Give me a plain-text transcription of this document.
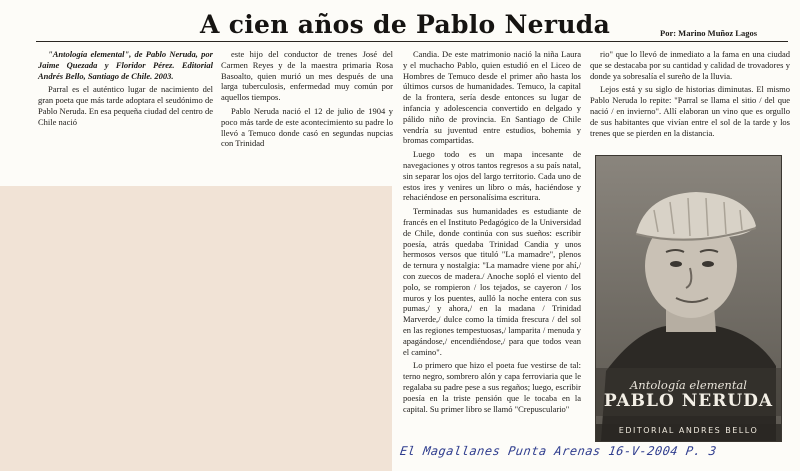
A cien años de Pablo Neruda	Por: Marino Muñoz Lagos

"Antología elemental", de Pablo Neruda, por Jaime Quezada y Floridor Pérez. Editorial Andrés Bello, Santiago de Chile. 2003.

Parral es el auténtico lugar de nacimiento del gran poeta que más tarde adoptara el seudónimo de Pablo Neruda. En esa pequeña ciudad del centro de Chile nació

este hijo del conductor de trenes José del Carmen Reyes y de la maestra primaria Rosa Basoalto, quien murió un mes después de una larga tuberculosis, enfermedad muy común por aquellos tiempos.

Pablo Neruda nació el 12 de julio de 1904 y poco más tarde de este acontecimiento su padre lo llevó a Temuco donde casó en segundas nupcias con Trinidad

Candia. De este matrimonio nació la niña Laura y el muchacho Pablo, quien estudió en el Liceo de Hombres de Temuco desde el primer año hasta los últimos cursos de humanidades. Temuco, la capital de la frontera, sería desde entonces su lugar de infancia y adolescencia convertido en delgado y pálido niño de provincia. En Santiago de Chile vendría su juventud entre estudios, bohemia y bromas compartidas.

Luego todo es un mapa incesante de navegaciones y otros tantos regresos a su país natal, sin separar los ojos del largo territorio. Cada uno de estos ires y venires un libro o más, haciéndose y rehaciéndose en personalísima escritura.

Terminadas sus humanidades es estudiante de francés en el Instituto Pedagógico de la Universidad de Chile, donde continúa con sus sueños: escribir poesía, atrás quedaba Trinidad Candia y unos hermosos versos que tituló "La mamadre", plenos de ternura y nostalgia: "La mamadre viene por ahí,/ con zuecos de madera./ Anoche sopló el viento del polo, se rompieron / los tejados, se cayeron / los muros y los puentes, aulló la noche entera con sus pumas,/ y ahora,/ en la madana / Trinidad Marverde,/ dulce como la tímida frescura / del sol en las regiones tempestuosas,/ lamparita / menuda y apagándose,/ encendiéndose,/ para que todos vean el camino".

Lo primero que hizo el poeta fue vestirse de tal: terno negro, sombrero alón y capa ferroviaria que le regalaba su padre pese a sus regaños; luego, escribir poesía en la triste pensión que le tocaba en la capital. Su primer libro se llamó "Crepusculario"

rio" que lo llevó de inmediato a la fama en una ciudad que se destacaba por su cantidad y calidad de trovadores y donde ya sobresalía el sureño de la lluvia.

Lejos está y su siglo de historias diminutas. El mismo Pablo Neruda lo repite: "Parral se llama el sitio / del que nació / en invierno". Allí elaboran un vino que es orgullo de sus habitantes que vivían entre el sol de la tarde y los trenes que se pierden en la distancia.

Antología elemental
PABLO NERUDA
EDITORIAL ANDRES BELLO
El Magallanes Punta Arenas 16-V-2004 P. 3
